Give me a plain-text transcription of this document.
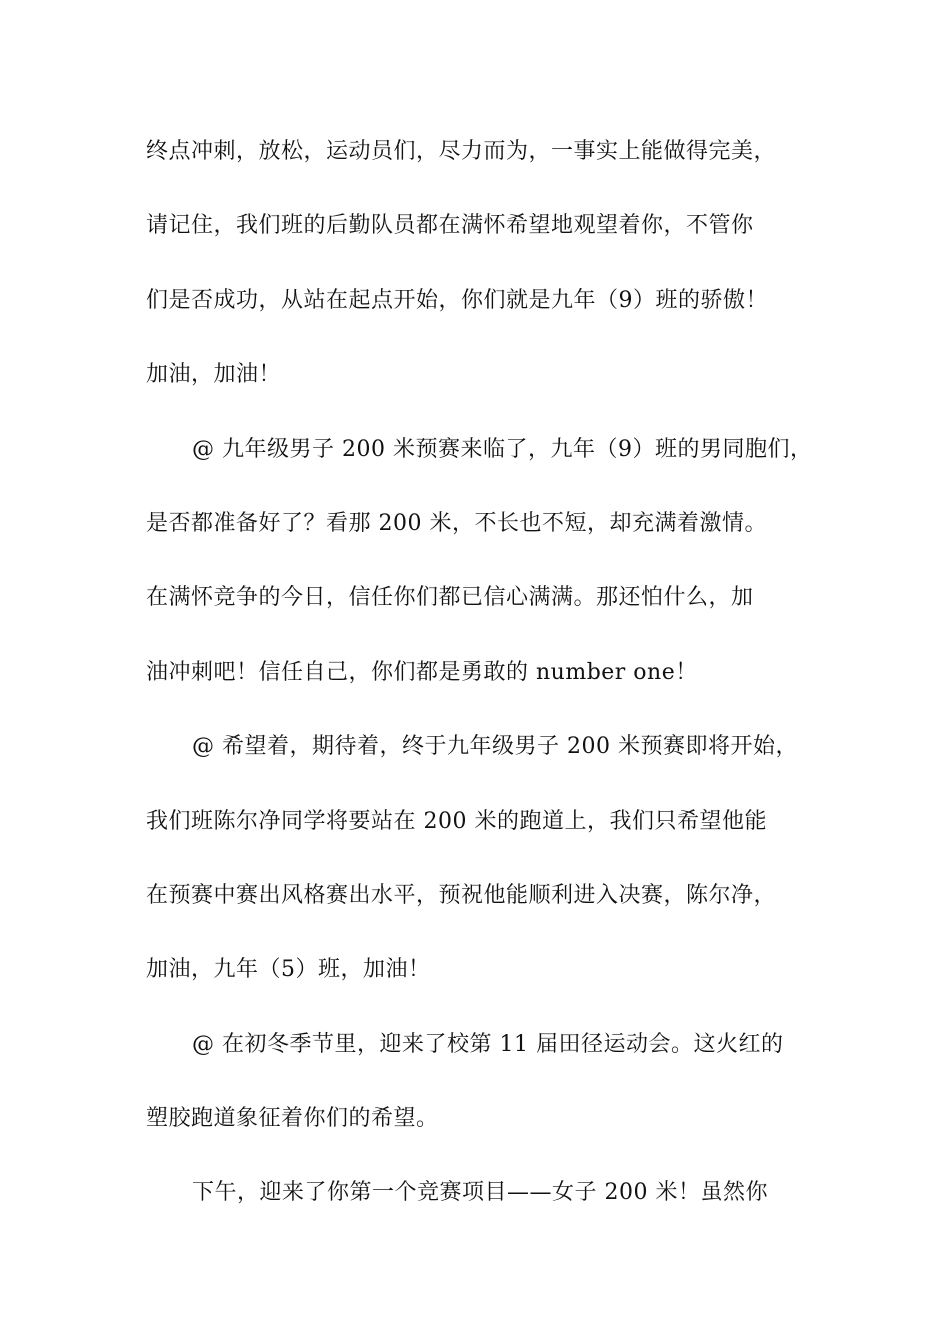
终点冲刺，放松，运动员们，尽力而为，一事实上能做得完美，
请记住，我们班的后勤队员都在满怀希望地观望着你，不管你
们是否成功，从站在起点开始，你们就是九年（9）班的骄傲！
加油，加油！
@ 九年级男子 200 米预赛来临了，九年（9）班的男同胞们，
是否都准备好了？看那 200 米，不长也不短，却充满着激情。
在满怀竞争的今日，信任你们都已信心满满。那还怕什么，加
油冲刺吧！信任自己，你们都是勇敢的 number one！
@ 希望着，期待着，终于九年级男子 200 米预赛即将开始，
我们班陈尔净同学将要站在 200 米的跑道上，我们只希望他能
在预赛中赛出风格赛出水平，预祝他能顺利进入决赛，陈尔净，
加油，九年（5）班，加油！
@ 在初冬季节里，迎来了校第 11 届田径运动会。这火红的
塑胶跑道象征着你们的希望。
下午，迎来了你第一个竞赛项目——女子 200 米！虽然你
